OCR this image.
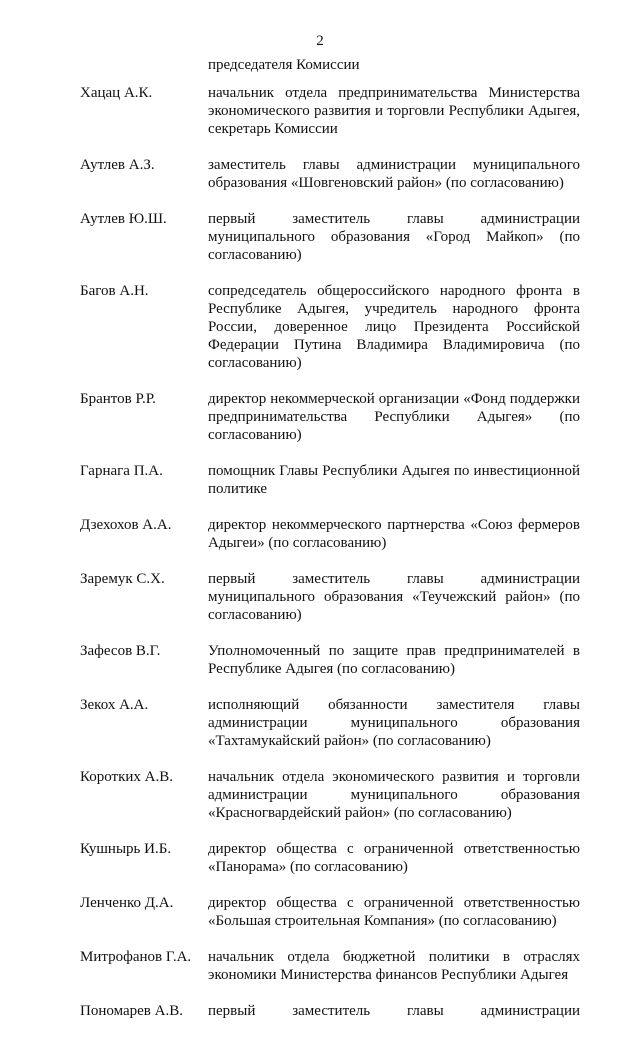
2
председателя Комиссии
Хацац А.К.	начальник отдела предпринимательства Министерства экономического развития и торговли Республики Адыгея, секретарь Комиссии
Аутлев А.З.	заместитель главы администрации муниципального образования «Шовгеновский район» (по согласованию)
Аутлев Ю.Ш.	первый заместитель главы администрации муниципального образования «Город Майкоп» (по согласованию)
Багов А.Н.	сопредседатель общероссийского народного фронта в Республике Адыгея, учредитель народного фронта России, доверенное лицо Президента Российской Федерации Путина Владимира Владимировича (по согласованию)
Брантов Р.Р.	директор некоммерческой организации «Фонд поддержки предпринимательства Республики Адыгея» (по согласованию)
Гарнага П.А.	помощник Главы Республики Адыгея по инвестиционной политике
Дзехохов А.А.	директор некоммерческого партнерства «Союз фермеров Адыгеи» (по согласованию)
Заремук С.Х.	первый заместитель главы администрации муниципального образования «Теучежский район» (по согласованию)
Зафесов В.Г.	Уполномоченный по защите прав предпринимателей в Республике Адыгея (по согласованию)
Зекох А.А.	исполняющий обязанности заместителя главы администрации муниципального образования «Тахтамукайский район» (по согласованию)
Коротких А.В.	начальник отдела экономического развития и торговли администрации муниципального образования «Красногвардейский район» (по согласованию)
Кушнырь И.Б.	директор общества с ограниченной ответственностью «Панорама» (по согласованию)
Ленченко Д.А.	директор общества с ограниченной ответственностью «Большая строительная Компания» (по согласованию)
Митрофанов Г.А.	начальник отдела бюджетной политики в отраслях экономики Министерства финансов Республики Адыгея
Пономарев А.В.	первый заместитель главы администрации
